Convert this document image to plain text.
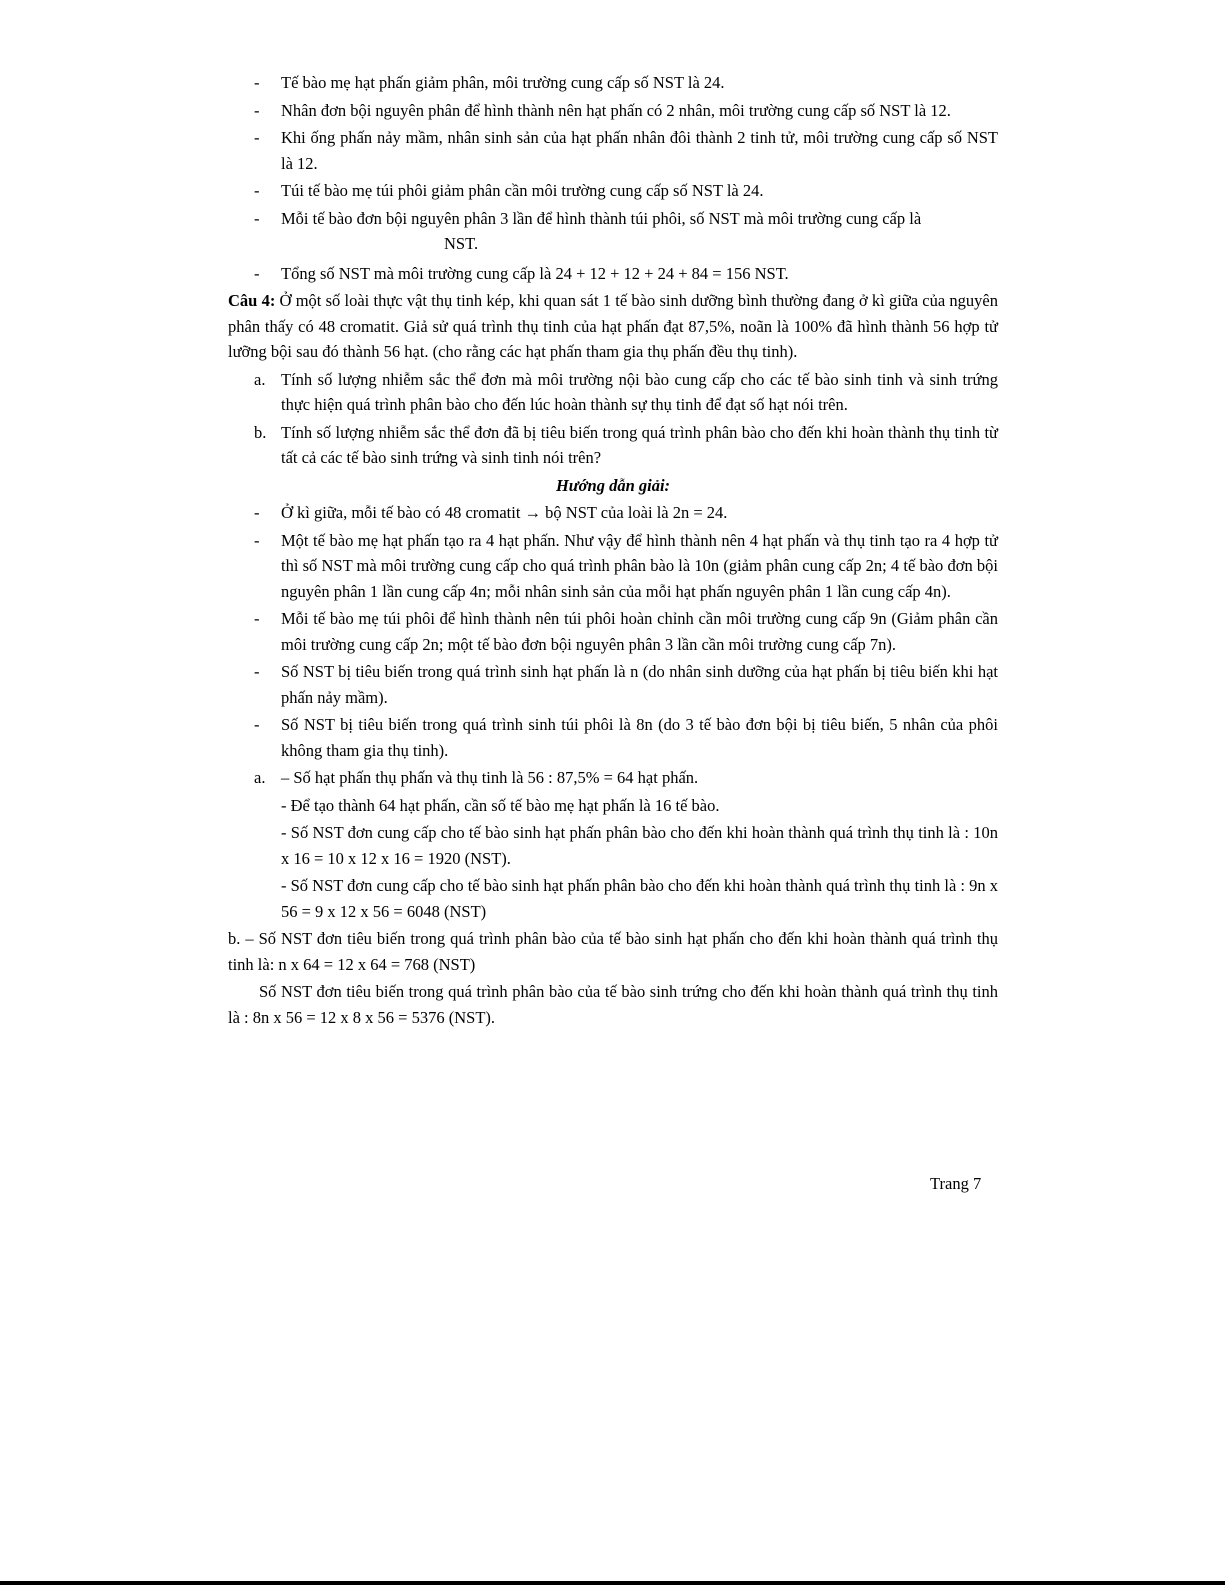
- Tế bào mẹ hạt phấn giảm phân, môi trường cung cấp số NST là 24.
- Nhân đơn bội nguyên phân để hình thành nên hạt phấn có 2 nhân, môi trường cung cấp số NST là 12.
- Khi ống phấn nảy mầm, nhân sinh sản của hạt phấn nhân đôi thành 2 tinh tử, môi trường cung cấp số NST là 12.
- Túi tế bào mẹ túi phôi giảm phân cần môi trường cung cấp số NST là 24.
- Mỗi tế bào đơn bội nguyên phân 3 lần để hình thành túi phôi, số NST mà môi trường cung cấp là
NST.
- Tổng số NST mà môi trường cung cấp là 24 + 12 + 12 + 24 + 84 = 156 NST.

Câu 4: Ở một số loài thực vật thụ tinh kép, khi quan sát 1 tế bào sinh dưỡng bình thường đang ở kì giữa của nguyên phân thấy có 48 cromatit. Giả sử quá trình thụ tinh của hạt phấn đạt 87,5%, noãn là 100% đã hình thành 56 hợp tử lưỡng bội sau đó thành 56 hạt. (cho rằng các hạt phấn tham gia thụ phấn đều thụ tinh).

a. Tính số lượng nhiễm sắc thể đơn mà môi trường nội bào cung cấp cho các tế bào sinh tinh và sinh trứng thực hiện quá trình phân bào cho đến lúc hoàn thành sự thụ tinh để đạt số hạt nói trên.
b. Tính số lượng nhiễm sắc thể đơn đã bị tiêu biến trong quá trình phân bào cho đến khi hoàn thành thụ tinh từ tất cả các tế bào sinh trứng và sinh tinh nói trên?

Hướng dẫn giải:

- Ở kì giữa, mỗi tế bào có 48 cromatit → bộ NST của loài là 2n = 24.
- Một tế bào mẹ hạt phấn tạo ra 4 hạt phấn. Như vậy để hình thành nên 4 hạt phấn và thụ tinh tạo ra 4 hợp tử thì số NST mà môi trường cung cấp cho quá trình phân bào là 10n (giảm phân cung cấp 2n; 4 tế bào đơn bội nguyên phân 1 lần cung cấp 4n; mỗi nhân sinh sản của mỗi hạt phấn nguyên phân 1 lần cung cấp 4n).
- Mỗi tế bào mẹ túi phôi để hình thành nên túi phôi hoàn chỉnh cần môi trường cung cấp 9n (Giảm phân cần môi trường cung cấp 2n; một tế bào đơn bội nguyên phân 3 lần cần môi trường cung cấp 7n).
- Số NST bị tiêu biến trong quá trình sinh hạt phấn là n (do nhân sinh dưỡng của hạt phấn bị tiêu biến khi hạt phấn nảy mầm).
- Số NST bị tiêu biến trong quá trình sinh túi phôi là 8n (do 3 tế bào đơn bội bị tiêu biến, 5 nhân của phôi không tham gia thụ tinh).
a. – Số hạt phấn thụ phấn và thụ tinh là 56 : 87,5% = 64 hạt phấn.
- Để tạo thành 64 hạt phấn, cần số tế bào mẹ hạt phấn là 16 tế bào.
- Số NST đơn cung cấp cho tế bào sinh hạt phấn phân bào cho đến khi hoàn thành quá trình thụ tinh là : 10n x 16 = 10 x 12 x 16 = 1920 (NST).
- Số NST đơn cung cấp cho tế bào sinh hạt phấn phân bào cho đến khi hoàn thành quá trình thụ tinh là : 9n x 56 = 9 x 12 x 56 = 6048 (NST)

b. – Số NST đơn tiêu biến trong quá trình phân bào của tế bào sinh hạt phấn cho đến khi hoàn thành quá trình thụ tinh là: n x 64 = 12 x 64 = 768 (NST)

Số NST đơn tiêu biến trong quá trình phân bào của tế bào sinh trứng cho đến khi hoàn thành quá trình thụ tinh là : 8n x 56 = 12 x 8 x 56 = 5376 (NST).

Trang 7
